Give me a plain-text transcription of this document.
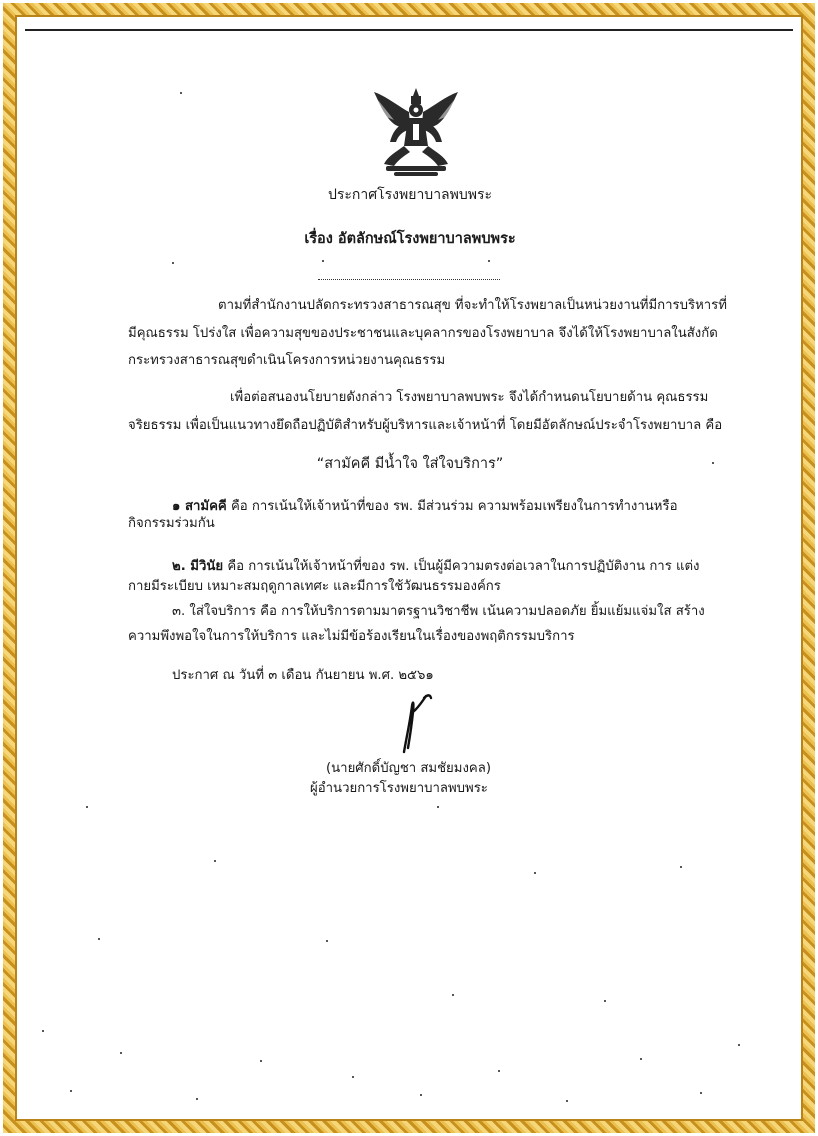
ประกาศโรงพยาบาลพบพระ
เรื่อง อัตลักษณ์โรงพยาบาลพบพระ
ตามที่สำนักงานปลัดกระทรวงสาธารณสุข ที่จะทำให้โรงพยาลเป็นหน่วยงานที่มีการบริหารที่
มีคุณธรรม โปร่งใส เพื่อความสุขของประชาชนและบุคลากรของโรงพยาบาล จึงได้ให้โรงพยาบาลในสังกัด
กระทรวงสาธารณสุขดำเนินโครงการหน่วยงานคุณธรรม
เพื่อต่อสนองนโยบายดังกล่าว โรงพยาบาลพบพระ จึงได้กำหนดนโยบายด้าน คุณธรรม
จริยธรรม เพื่อเป็นแนวทางยึดถือปฏิบัติสำหรับผู้บริหารและเจ้าหน้าที่ โดยมีอัตลักษณ์ประจำโรงพยาบาล คือ
“สามัคคี มีน้ำใจ ใส่ใจบริการ”
๑ สามัคคี คือ การเน้นให้เจ้าหน้าที่ของ รพ. มีส่วนร่วม ความพร้อมเพรียงในการทำงานหรือ
กิจกรรมร่วมกัน
๒. มีวินัย คือ การเน้นให้เจ้าหน้าที่ของ รพ. เป็นผู้มีความตรงต่อเวลาในการปฏิบัติงาน การ แต่ง
กายมีระเบียบ เหมาะสมฤดูกาลเทศะ และมีการใช้วัฒนธรรมองค์กร
๓. ใส่ใจบริการ คือ การให้บริการตามมาตรฐานวิชาชีพ เน้นความปลอดภัย ยิ้มแย้มแจ่มใส สร้าง
ความพึงพอใจในการให้บริการ และไม่มีข้อร้องเรียนในเรื่องของพฤติกรรมบริการ
ประกาศ ณ วันที่ ๓ เดือน กันยายน พ.ศ. ๒๕๖๑
(นายศักดิ์บัญชา สมชัยมงคล)
ผู้อำนวยการโรงพยาบาลพบพระ
